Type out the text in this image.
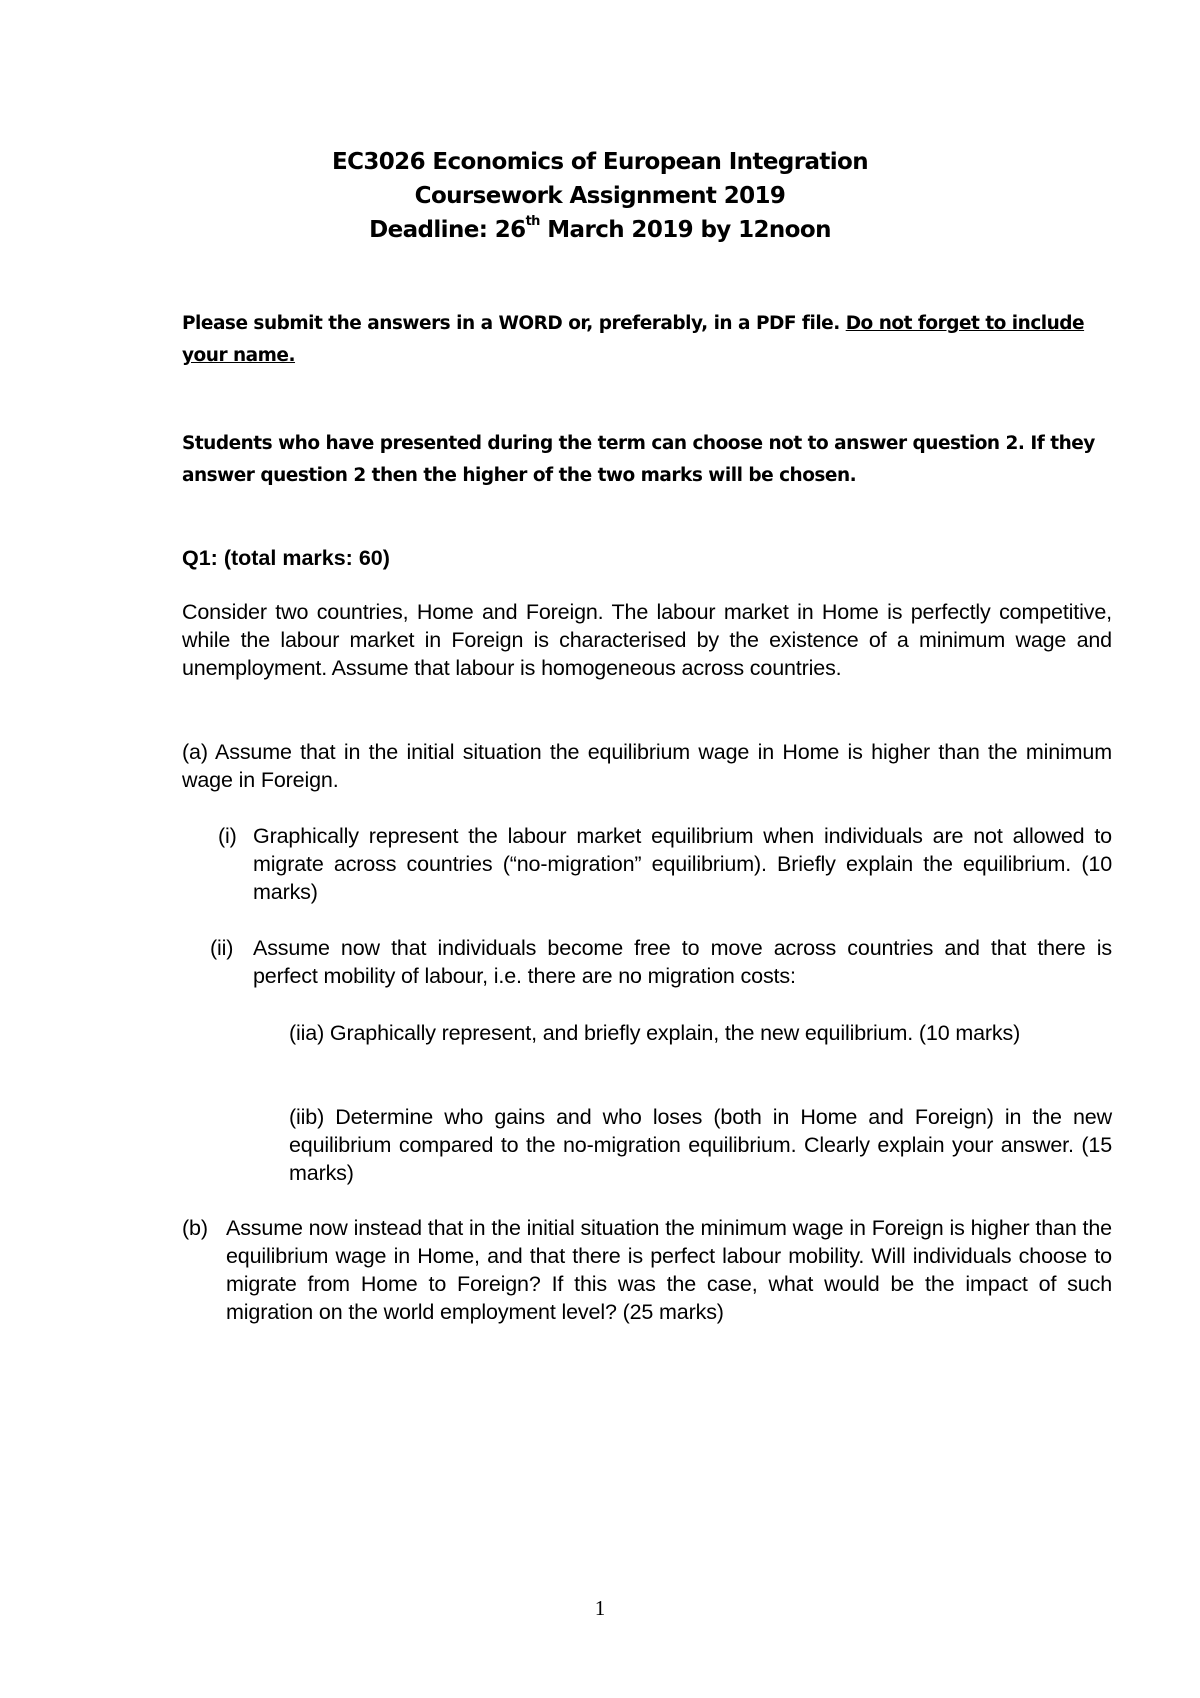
EC3026 Economics of European Integration
Coursework Assignment 2019
Deadline: 26th March 2019 by 12noon
Please submit the answers in a WORD or, preferably, in a PDF file. Do not forget to include your name.
Students who have presented during the term can choose not to answer question 2. If they answer question 2 then the higher of the two marks will be chosen.
Q1: (total marks: 60)
Consider two countries, Home and Foreign. The labour market in Home is perfectly competitive, while the labour market in Foreign is characterised by the existence of a minimum wage and unemployment. Assume that labour is homogeneous across countries.
(a) Assume that in the initial situation the equilibrium wage in Home is higher than the minimum wage in Foreign.
(i) Graphically represent the labour market equilibrium when individuals are not allowed to migrate across countries (“no-migration” equilibrium). Briefly explain the equilibrium. (10 marks)
(ii) Assume now that individuals become free to move across countries and that there is perfect mobility of labour, i.e. there are no migration costs:
(iia) Graphically represent, and briefly explain, the new equilibrium. (10 marks)
(iib) Determine who gains and who loses (both in Home and Foreign) in the new equilibrium compared to the no-migration equilibrium. Clearly explain your answer. (15 marks)
(b) Assume now instead that in the initial situation the minimum wage in Foreign is higher than the equilibrium wage in Home, and that there is perfect labour mobility. Will individuals choose to migrate from Home to Foreign? If this was the case, what would be the impact of such migration on the world employment level? (25 marks)
1
